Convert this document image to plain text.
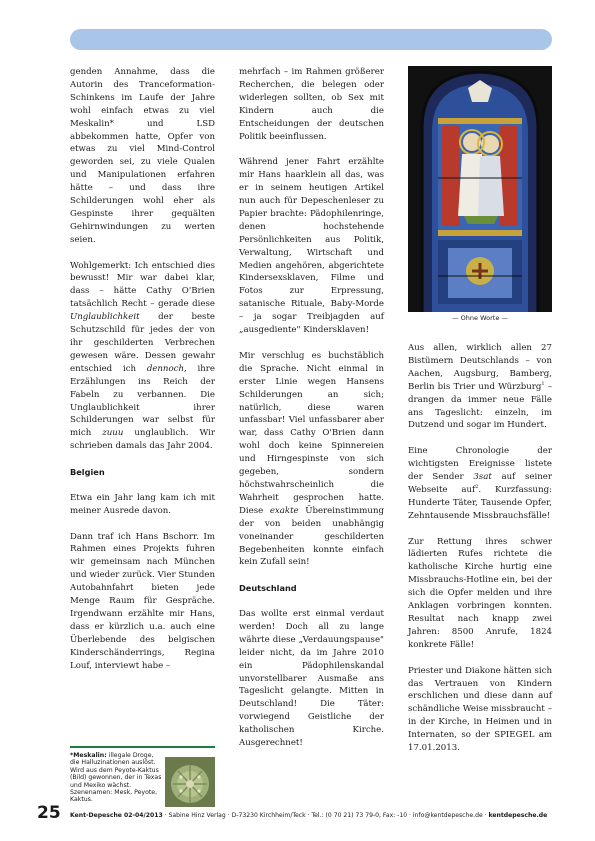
genden Annahme, dass die Autorin des Tranceformation-Schinkens im Laufe der Jahre wohl einfach etwas zu viel Meskalin* und LSD abbekommen hatte, Opfer von etwas zu viel Mind-Control geworden sei, zu viele Qualen und Manipulationen erfahren hätte – und dass ihre Schilderungen wohl eher als Gespinste ihrer gequälten Gehirnwindungen zu werten seien.

Wohlgemerkt: Ich entschied dies bewusst! Mir war dabei klar, dass – hätte Cathy O'Brien tatsächlich Recht – gerade diese Unglaublichkeit der beste Schutzschild für jedes der von ihr geschilderten Verbrechen gewesen wäre. Dessen gewahr entschied ich dennoch, ihre Erzählungen ins Reich der Fabeln zu verbannen. Die Unglaublichkeit ihrer Schilderungen war selbst für mich zuuu unglaublich. Wir schrieben damals das Jahr 2004.

Belgien

Etwa ein Jahr lang kam ich mit meiner Ausrede davon.

Dann traf ich Hans Bschorr. Im Rahmen eines Projekts fuhren wir gemeinsam nach München und wieder zurück. Vier Stunden Autobahnfahrt bieten jede Menge Raum für Gespräche. Irgendwann erzählte mir Hans, dass er kürzlich u.a. auch eine Überlebende des belgischen Kinderschänderrings, Regina Louf, interviewt habe –

*Meskalin: illegale Droge, die Halluzinationen auslöst. Wird aus dem Peyote-Kaktus (Bild) gewonnen, der in Texas und Mexiko wächst. Szenenamen: Mesk, Peyote, Kaktus.

mehrfach – im Rahmen größerer Recherchen, die belegen oder widerlegen sollten, ob Sex mit Kindern auch die Entscheidungen der deutschen Politik beeinflussen.

Während jener Fahrt erzählte mir Hans haarklein all das, was er in seinem heutigen Artikel nun auch für Depeschenleser zu Papier brachte: Pädophilenringe, denen hochstehende Persönlichkeiten aus Politik, Verwaltung, Wirtschaft und Medien angehören, abgerichtete Kindersexsklaven, Filme und Fotos zur Erpressung, satanische Rituale, Baby-Morde – ja sogar Treibjagden auf „ausgediente" Kindersklaven!

Mir verschlug es buchstäblich die Sprache. Nicht einmal in erster Linie wegen Hansens Schilderungen an sich; natürlich, diese waren unfassbar! Viel unfassbarer aber war, dass Cathy O'Brien dann wohl doch keine Spinnereien und Hirngespinste von sich gegeben, sondern höchstwahrscheinlich die Wahrheit gesprochen hatte. Diese exakte Übereinstimmung der von beiden unabhängig voneinander geschilderten Begebenheiten konnte einfach kein Zufall sein!

Deutschland

Das wollte erst einmal verdaut werden! Doch all zu lange währte diese „Verdauungspause" leider nicht, da im Jahre 2010 ein Pädophilenskandal unvorstellbarer Ausmaße ans Tageslicht gelangte. Mitten in Deutschland! Die Täter: vorwiegend Geistliche der katholischen Kirche. Ausgerechnet!

— Ohne Worte —

Aus allen, wirklich allen 27 Bistümern Deutschlands – von Aachen, Augsburg, Bamberg, Berlin bis Trier und Würzburg$^1$ – drangen da immer neue Fälle ans Tageslicht: einzeln, im Dutzend und sogar im Hundert.

Eine Chronologie der wichtigsten Ereignisse listete der Sender 3sat auf seiner Webseite auf$^2$. Kurzfassung: Hunderte Täter, Tausende Opfer, Zehntausende Missbrauchsfälle!

Zur Rettung ihres schwer lädierten Rufes richtete die katholische Kirche hurtig eine Missbrauchs-Hotline ein, bei der sich die Opfer melden und ihre Anklagen vorbringen konnten. Resultat nach knapp zwei Jahren: 8500 Anrufe, 1824 konkrete Fälle!

Priester und Diakone hätten sich das Vertrauen von Kindern erschlichen und diese dann auf schändliche Weise missbraucht – in der Kirche, in Heimen und in Internaten, so der SPIEGEL am 17.01.2013.

25 Kent-Depesche 02-04/2013 · Sabine Hinz Verlag · D-73230 Kirchheim/Teck · Tel.: (0 70 21) 73 79-0, Fax: -10 · info@kentdepesche.de · kentdepesche.de
